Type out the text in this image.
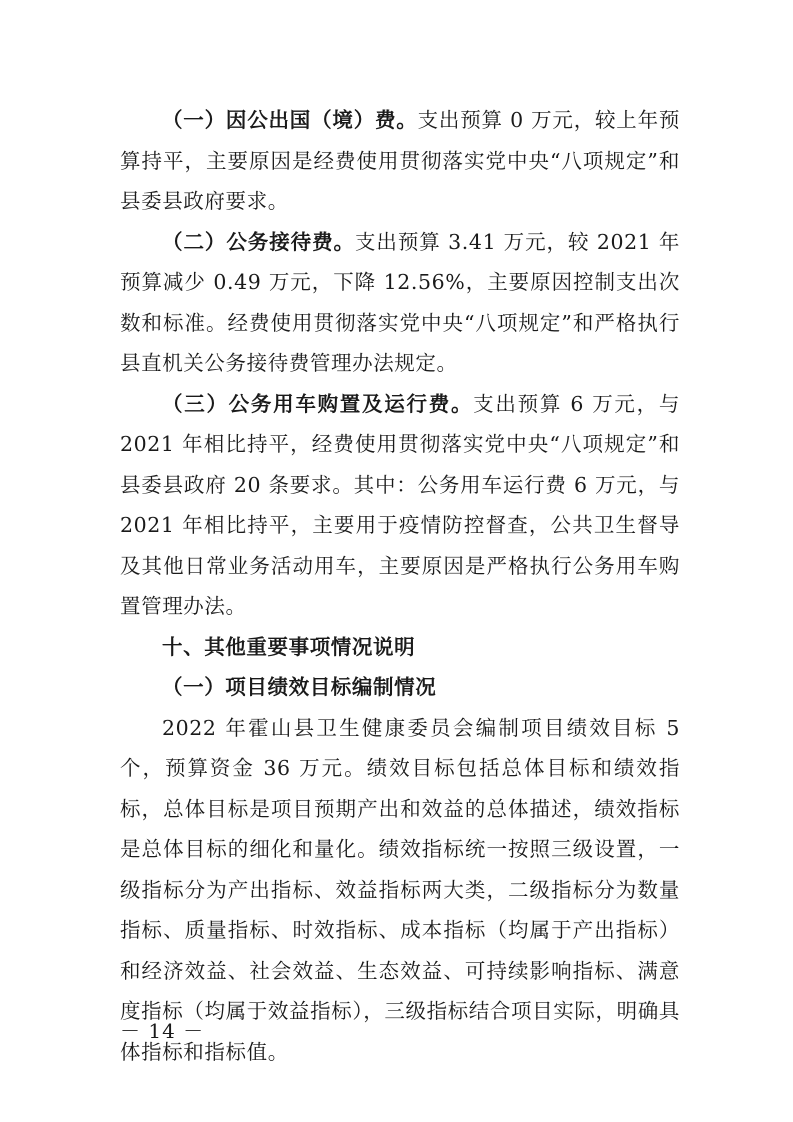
（一）因公出国（境）费。支出预算 0 万元，较上年预算持平，主要原因是经费使用贯彻落实党中央“八项规定”和县委县政府要求。

（二）公务接待费。支出预算 3.41 万元，较 2021 年预算减少 0.49 万元，下降 12.56%，主要原因控制支出次数和标准。经费使用贯彻落实党中央“八项规定”和严格执行县直机关公务接待费管理办法规定。

（三）公务用车购置及运行费。支出预算 6 万元，与 2021 年相比持平，经费使用贯彻落实党中央“八项规定”和县委县政府 20 条要求。其中：公务用车运行费 6 万元，与 2021 年相比持平，主要用于疫情防控督查，公共卫生督导及其他日常业务活动用车，主要原因是严格执行公务用车购置管理办法。

十、其他重要事项情况说明

（一）项目绩效目标编制情况

2022 年霍山县卫生健康委员会编制项目绩效目标 5 个，预算资金 36 万元。绩效目标包括总体目标和绩效指标，总体目标是项目预期产出和效益的总体描述，绩效指标是总体目标的细化和量化。绩效指标统一按照三级设置，一级指标分为产出指标、效益指标两大类，二级指标分为数量指标、质量指标、时效指标、成本指标（均属于产出指标）和经济效益、社会效益、生态效益、可持续影响指标、满意度指标（均属于效益指标），三级指标结合项目实际，明确具体指标和指标值。

－ 14 －
